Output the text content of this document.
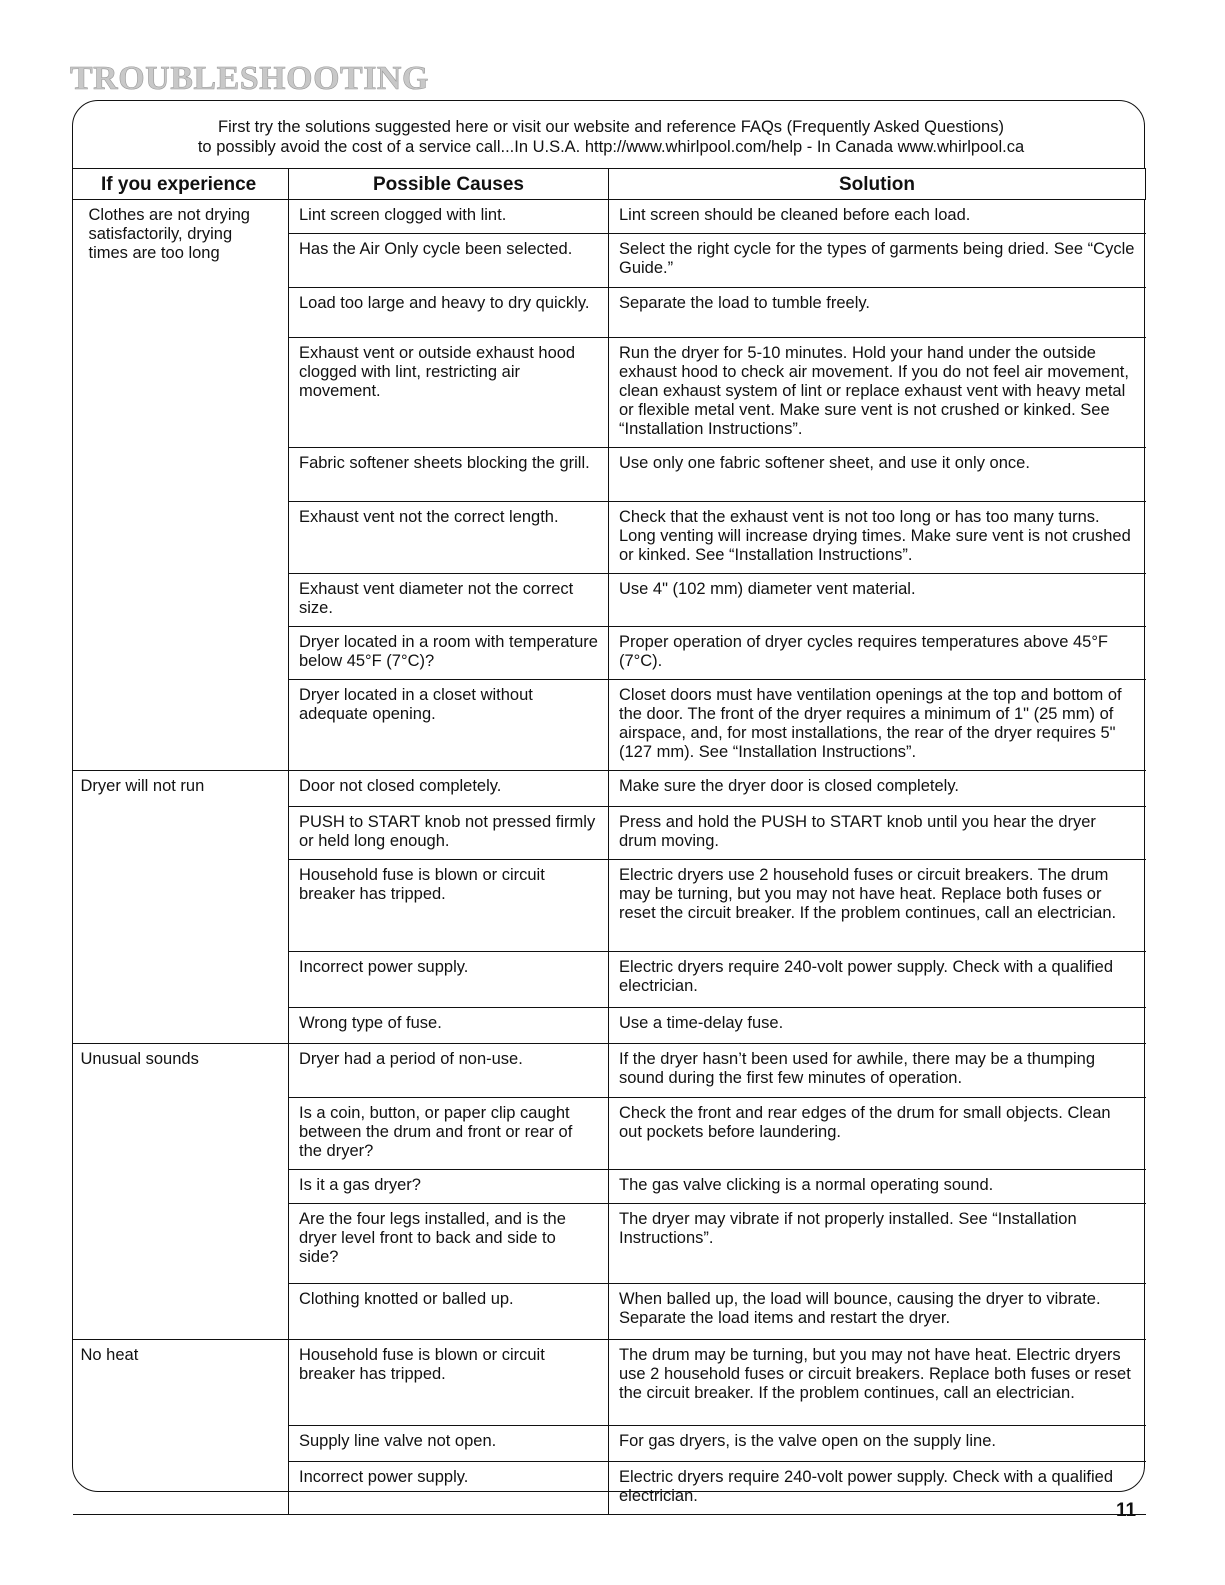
TROUBLESHOOTING
First try the solutions suggested here or visit our website and reference FAQs (Frequently Asked Questions)
to possibly avoid the cost of a service call...In U.S.A. http://www.whirlpool.com/help - In Canada www.whirlpool.ca
If you experience	Possible Causes	Solution
Clothes are not drying satisfactorily, drying times are too long	Lint screen clogged with lint.	Lint screen should be cleaned before each load.
	Has the Air Only cycle been selected.	Select the right cycle for the types of garments being dried. See “Cycle Guide.”
	Load too large and heavy to dry quickly.	Separate the load to tumble freely.
	Exhaust vent or outside exhaust hood clogged with lint, restricting air movement.	Run the dryer for 5-10 minutes. Hold your hand under the outside exhaust hood to check air movement. If you do not feel air movement, clean exhaust system of lint or replace exhaust vent with heavy metal or flexible metal vent. Make sure vent is not crushed or kinked. See “Installation Instructions”.
	Fabric softener sheets blocking the grill.	Use only one fabric softener sheet, and use it only once.
	Exhaust vent not the correct length.	Check that the exhaust vent is not too long or has too many turns. Long venting will increase drying times. Make sure vent is not crushed or kinked. See “Installation Instructions”.
	Exhaust vent diameter not the correct size.	Use 4" (102 mm) diameter vent material.
	Dryer located in a room with temperature below 45°F (7°C)?	Proper operation of dryer cycles requires temperatures above 45°F (7°C).
	Dryer located in a closet without adequate opening.	Closet doors must have ventilation openings at the top and bottom of the door. The front of the dryer requires a minimum of 1" (25 mm) of airspace, and, for most installations, the rear of the dryer requires 5" (127 mm). See “Installation Instructions”.
Dryer will not run	Door not closed completely.	Make sure the dryer door is closed completely.
	PUSH to START knob not pressed firmly or held long enough.	Press and hold the PUSH to START knob until you hear the dryer drum moving.
	Household fuse is blown or circuit breaker has tripped.	Electric dryers use 2 household fuses or circuit breakers. The drum may be turning, but you may not have heat. Replace both fuses or reset the circuit breaker. If the problem continues, call an electrician.
	Incorrect power supply.	Electric dryers require 240-volt power supply. Check with a qualified electrician.
	Wrong type of fuse.	Use a time-delay fuse.
Unusual sounds	Dryer had a period of non-use.	If the dryer hasn’t been used for awhile, there may be a thumping sound during the first few minutes of operation.
	Is a coin, button, or paper clip caught between the drum and front or rear of the dryer?	Check the front and rear edges of the drum for small objects. Clean out pockets before laundering.
	Is it a gas dryer?	The gas valve clicking is a normal operating sound.
	Are the four legs installed, and is the dryer level front to back and side to side?	The dryer may vibrate if not properly installed. See “Installation Instructions”.
	Clothing knotted or balled up.	When balled up, the load will bounce, causing the dryer to vibrate. Separate the load items and restart the dryer.
No heat	Household fuse is blown or circuit breaker has tripped.	The drum may be turning, but you may not have heat. Electric dryers use 2 household fuses or circuit breakers. Replace both fuses or reset the circuit breaker. If the problem continues, call an electrician.
	Supply line valve not open.	For gas dryers, is the valve open on the supply line.
	Incorrect power supply.	Electric dryers require 240-volt power supply. Check with a qualified electrician.
11
